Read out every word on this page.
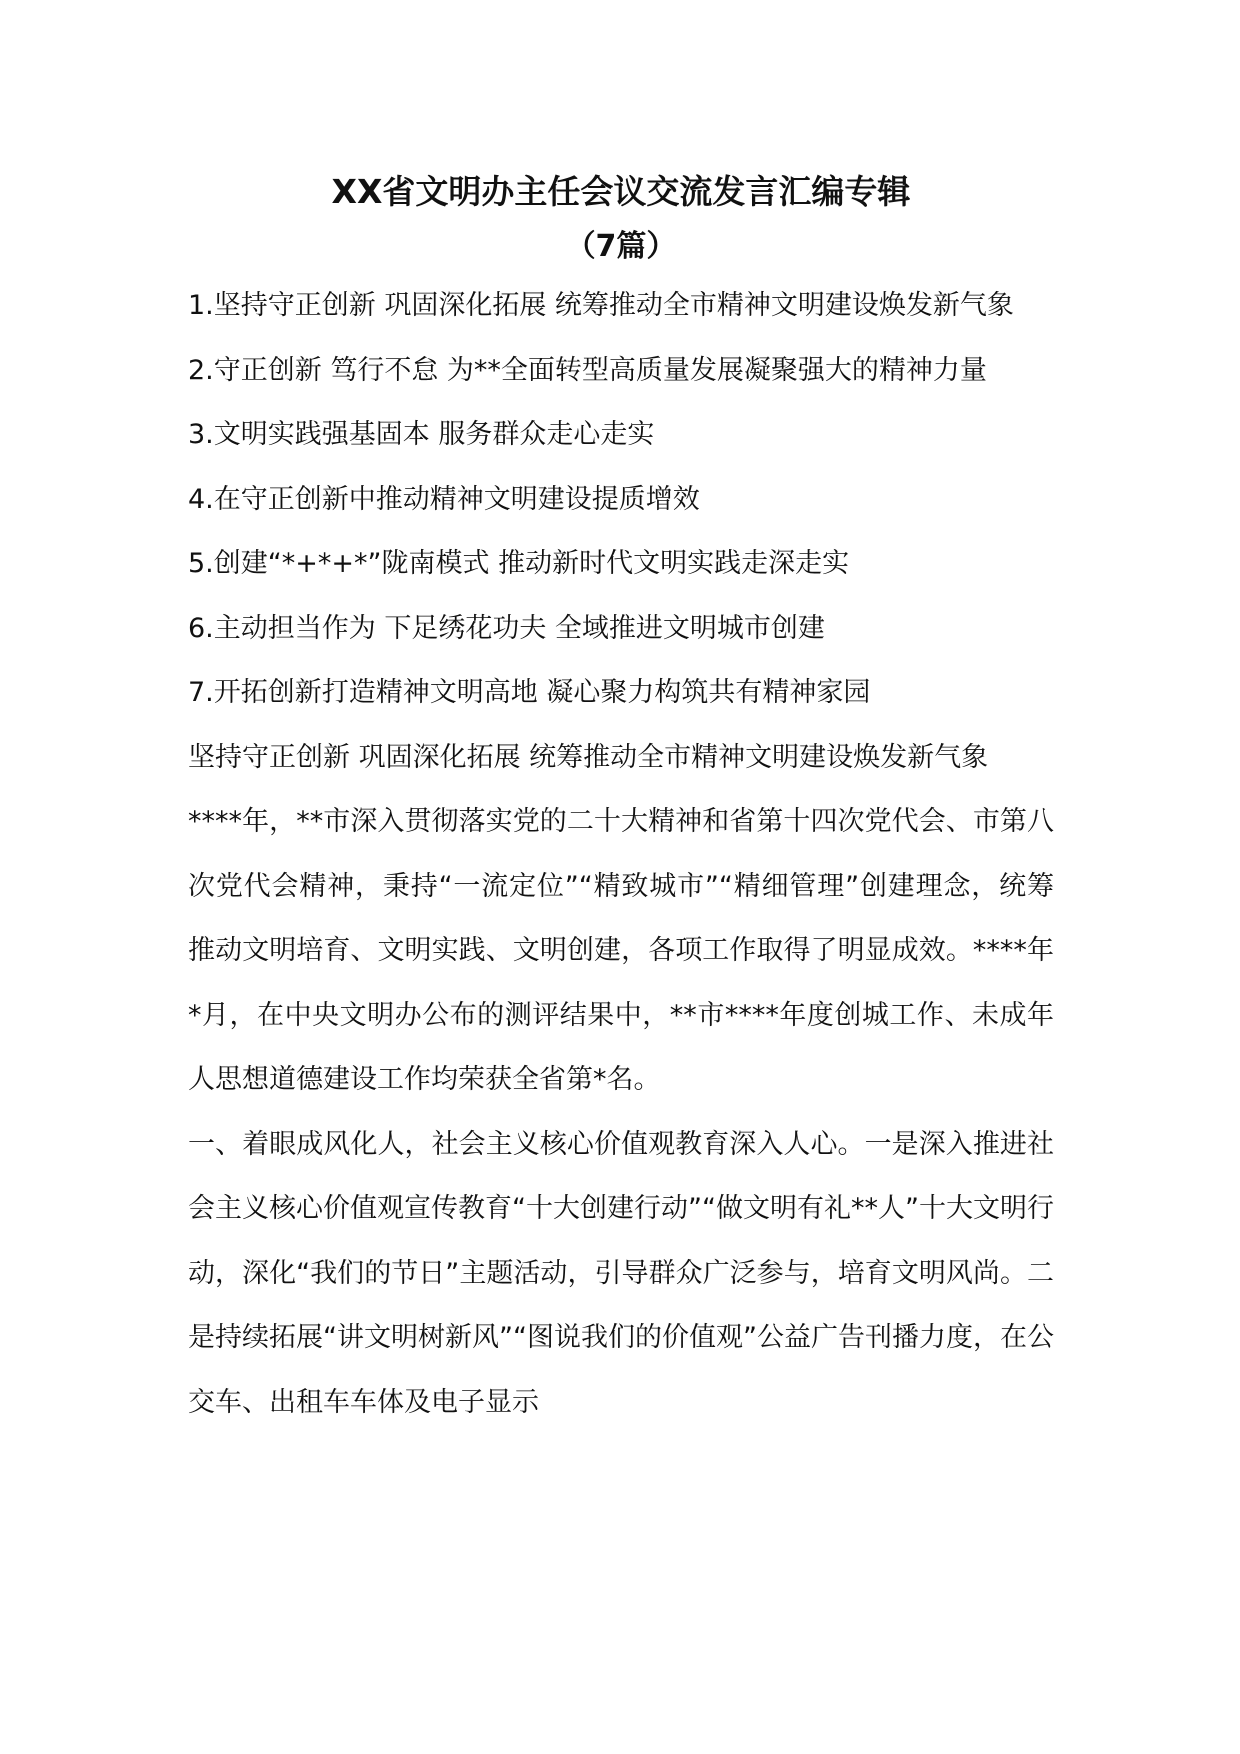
XX省文明办主任会议交流发言汇编专辑

（7篇）

1.坚持守正创新 巩固深化拓展 统筹推动全市精神文明建设焕发新气象
2.守正创新 笃行不怠 为**全面转型高质量发展凝聚强大的精神力量
3.文明实践强基固本 服务群众走心走实
4.在守正创新中推动精神文明建设提质增效
5.创建“*+*+*”陇南模式 推动新时代文明实践走深走实
6.主动担当作为 下足绣花功夫 全域推进文明城市创建
7.开拓创新打造精神文明高地 凝心聚力构筑共有精神家园
坚持守正创新 巩固深化拓展 统筹推动全市精神文明建设焕发新气象

****年，**市深入贯彻落实党的二十大精神和省第十四次党代会、市第八次党代会精神，秉持“一流定位”“精致城市”“精细管理”创建理念，统筹推动文明培育、文明实践、文明创建，各项工作取得了明显成效。****年*月，在中央文明办公布的测评结果中，**市****年度创城工作、未成年人思想道德建设工作均荣获全省第*名。

一、着眼成风化人，社会主义核心价值观教育深入人心。一是深入推进社会主义核心价值观宣传教育“十大创建行动”“做文明有礼**人”十大文明行动，深化“我们的节日”主题活动，引导群众广泛参与，培育文明风尚。二是持续拓展“讲文明树新风”“图说我们的价值观”公益广告刊播力度，在公交车、出租车车体及电子显示
